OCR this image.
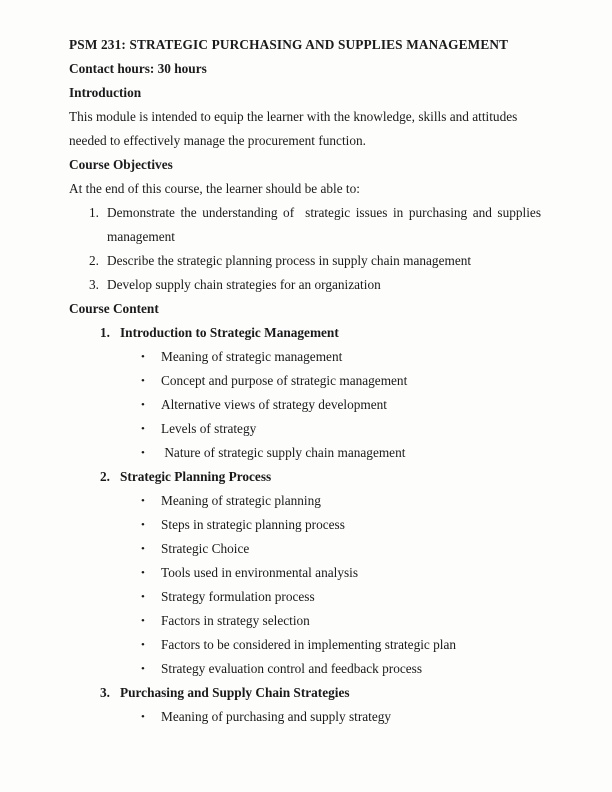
PSM 231: STRATEGIC PURCHASING AND SUPPLIES MANAGEMENT
Contact hours: 30 hours
Introduction
This module is intended to equip the learner with the knowledge, skills and attitudes
needed to effectively manage the procurement function.
Course Objectives
At the end of this course, the learner should be able to:
1. Demonstrate the understanding of  strategic issues in purchasing and supplies management
2. Describe the strategic planning process in supply chain management
3. Develop supply chain strategies for an organization
Course Content
1. Introduction to Strategic Management
• Meaning of strategic management
• Concept and purpose of strategic management
• Alternative views of strategy development
• Levels of strategy
• Nature of strategic supply chain management
2. Strategic Planning Process
• Meaning of strategic planning
• Steps in strategic planning process
• Strategic Choice
• Tools used in environmental analysis
• Strategy formulation process
• Factors in strategy selection
• Factors to be considered in implementing strategic plan
• Strategy evaluation control and feedback process
3. Purchasing and Supply Chain Strategies
• Meaning of purchasing and supply strategy
